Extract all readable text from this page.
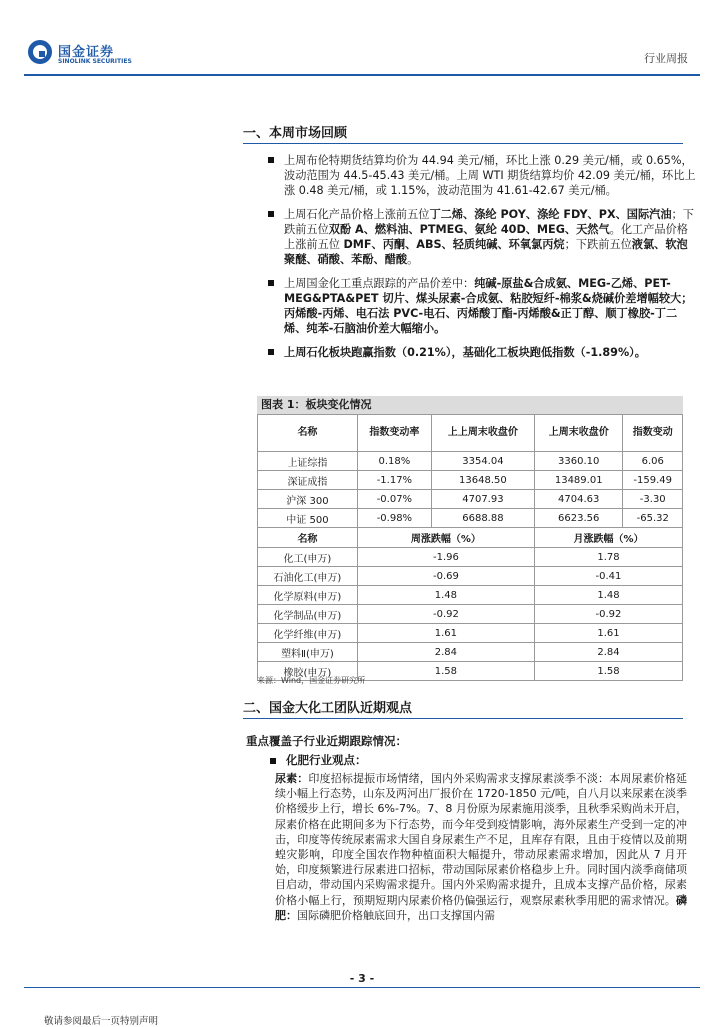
国金证券
SINOLINK SECURITIES	行业周报
一、本周市场回顾
上周布伦特期货结算均价为 44.94 美元/桶，环比上涨 0.29 美元/桶，或 0.65%，波动范围为 44.5-45.43 美元/桶。上周 WTI 期货结算均价 42.09 美元/桶，环比上涨 0.48 美元/桶，或 1.15%，波动范围为 41.61-42.67 美元/桶。
上周石化产品价格上涨前五位丁二烯、涤纶 POY、涤纶 FDY、PX、国际汽油；下跌前五位双酚 A、燃料油、PTMEG、氨纶 40D、MEG、天然气。化工产品价格上涨前五位 DMF、丙酮、ABS、轻质纯碱、环氧氯丙烷；下跌前五位液氯、软泡聚醚、硝酸、苯酚、醋酸。
上周国金化工重点跟踪的产品价差中：纯碱-原盐&合成氨、MEG-乙烯、PET-MEG&PTA&PET 切片、煤头尿素-合成氨、粘胶短纤-棉浆&烧碱价差增幅较大；丙烯酸-丙烯、电石法 PVC-电石、丙烯酸丁酯-丙烯酸&正丁醇、顺丁橡胶-丁二烯、纯苯-石脑油价差大幅缩小。
上周石化板块跑赢指数（0.21%），基础化工板块跑低指数（-1.89%）。
图表 1：板块变化情况
名称	指数变动率	上上周末收盘价	上周末收盘价	指数变动
上证综指	0.18%	3354.04	3360.10	6.06
深证成指	-1.17%	13648.50	13489.01	-159.49
沪深 300	-0.07%	4707.93	4704.63	-3.30
中证 500	-0.98%	6688.88	6623.56	-65.32
名称	周涨跌幅（%）		月涨跌幅（%）	
化工(申万)	-1.96		1.78	
石油化工(申万)	-0.69		-0.41	
化学原料(申万)	1.48		1.48	
化学制品(申万)	-0.92		-0.92	
化学纤维(申万)	1.61		1.61	
塑料Ⅱ(申万)	2.84		2.84	
橡胶(申万)	1.58		1.58	
来源：Wind，国金证券研究所
二、国金大化工团队近期观点
重点覆盖子行业近期跟踪情况：
化肥行业观点：
尿素：印度招标提振市场情绪，国内外采购需求支撑尿素淡季不淡：本周尿素价格延续小幅上行态势，山东及两河出厂报价在 1720-1850 元/吨，自八月以来尿素在淡季价格缓步上行，增长 6%-7%。7、8 月份原为尿素施用淡季，且秋季采购尚未开启，尿素价格在此期间多为下行态势，而今年受到疫情影响，海外尿素生产受到一定的冲击，印度等传统尿素需求大国自身尿素生产不足，且库存有限，且由于疫情以及前期蝗灾影响，印度全国农作物种植面积大幅提升，带动尿素需求增加，因此从 7 月开始，印度频繁进行尿素进口招标，带动国际尿素价格稳步上升。同时国内淡季商储项目启动，带动国内采购需求提升。国内外采购需求提升，且成本支撑产品价格，尿素价格小幅上行，预期短期内尿素价格仍偏强运行，观察尿素秋季用肥的需求情况。磷肥：国际磷肥价格触底回升，出口支撑国内需
- 3 -
敬请参阅最后一页特别声明
